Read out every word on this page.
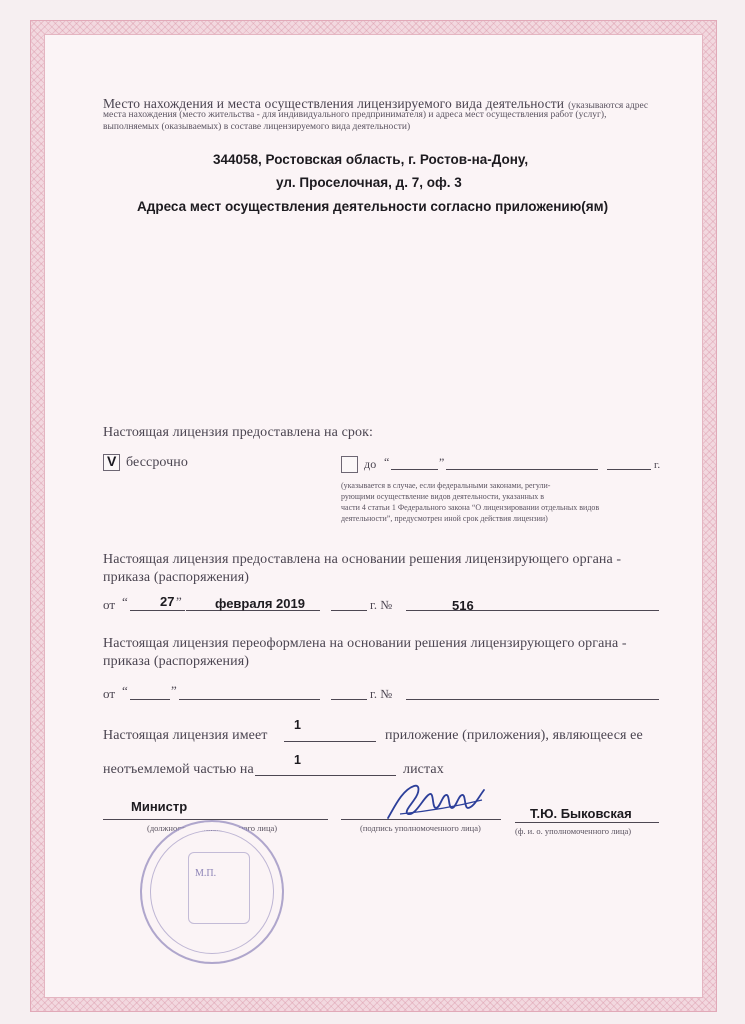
Место нахождения и места осуществления лицензируемого вида деятельности (указываются адрес
места нахождения (место жительства - для индивидуального предпринимателя) и адреса мест осуществления работ (услуг),
выполняемых (оказываемых) в составе лицензируемого вида деятельности)
344058, Ростовская область, г. Ростов-на-Дону,
ул. Проселочная, д. 7, оф. 3
Адреса мест осуществления деятельности согласно приложению(ям)
Настоящая лицензия предоставлена на срок:
V бессрочно	до “	”	г.
(указывается в случае, если федеральными законами, регули-
рующими осуществление видов деятельности, указанных в
части 4 статьи 1 Федерального закона “О лицензировании отдельных видов
деятельности”, предусмотрен иной срок действия лицензии)
Настоящая лицензия предоставлена на основании решения лицензирующего органа -
приказа (распоряжения)
от “ 27 ”	февраля 2019	г. №	516
Настоящая лицензия переоформлена на основании решения лицензирующего органа -
приказа (распоряжения)
от “	”	г. №
Настоящая лицензия имеет
1
приложение (приложения), являющееся ее
неотъемлемой частью на
1
листах
Министр
(должность уполномоченного лица)	(подпись уполномоченного лица)
Т.Ю. Быковская
(ф. и. о. уполномоченного лица)
М.П.
